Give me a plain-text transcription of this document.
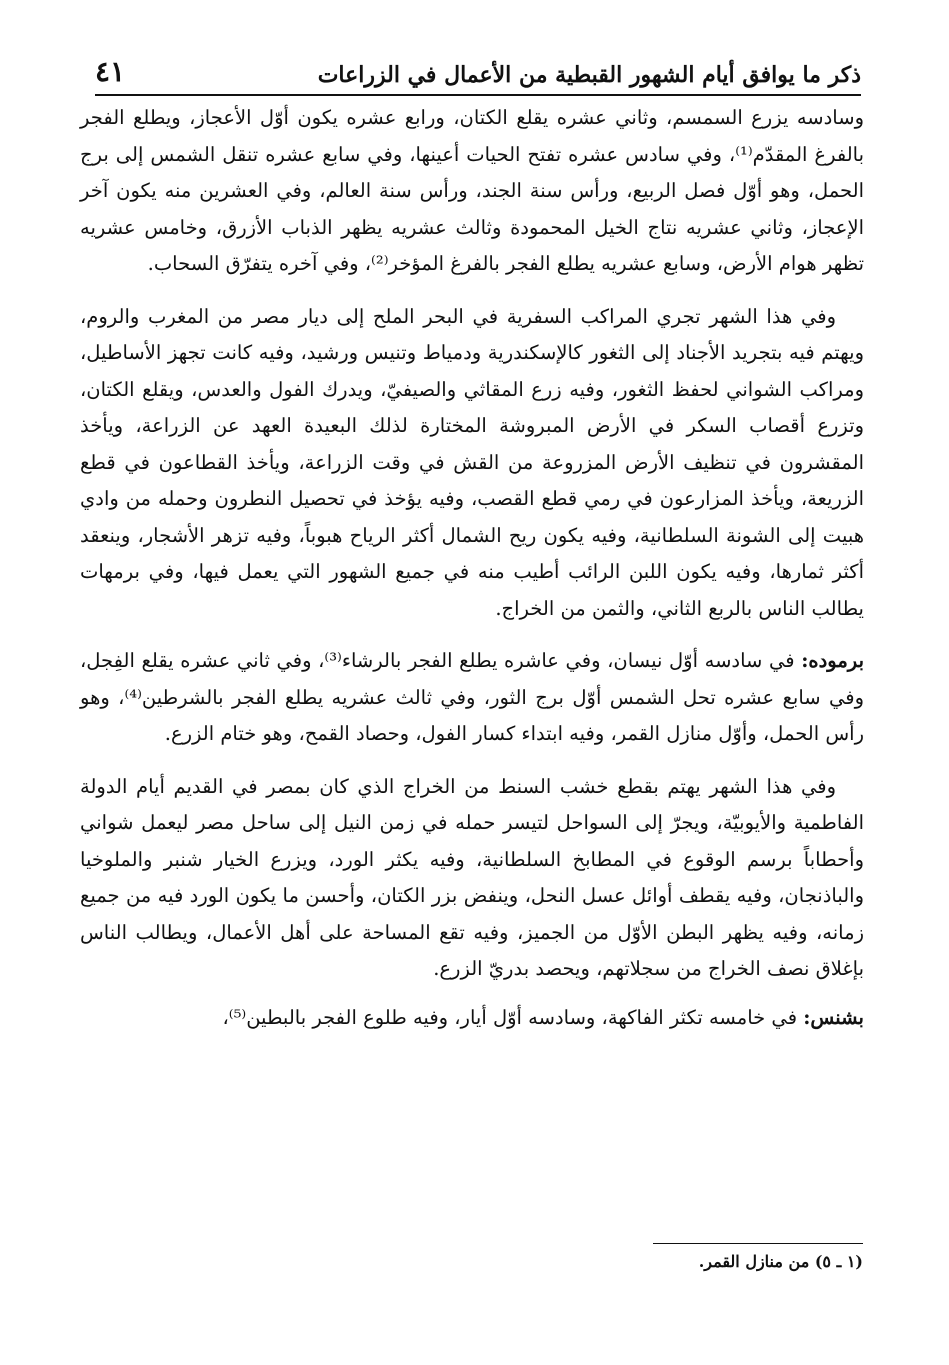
ذكر ما يوافق أيام الشهور القبطية من الأعمال في الزراعات
٤١

وسادسه يزرع السمسم، وثاني عشره يقلع الكتان، ورابع عشره يكون أوّل الأعجاز، ويطلع الفجر بالفرغ المقدّم⁽¹⁾، وفي سادس عشره تفتح الحيات أعينها، وفي سابع عشره تنقل الشمس إلى برج الحمل، وهو أوّل فصل الربيع، ورأس سنة الجند، ورأس سنة العالم، وفي العشرين منه يكون آخر الإعجاز، وثاني عشريه نتاج الخيل المحمودة وثالث عشريه يظهر الذباب الأزرق، وخامس عشريه تظهر هوام الأرض، وسابع عشريه يطلع الفجر بالفرغ المؤخر⁽²⁾، وفي آخره يتفرّق السحاب.

وفي هذا الشهر تجري المراكب السفرية في البحر الملح إلى ديار مصر من المغرب والروم، ويهتم فيه بتجريد الأجناد إلى الثغور كالإسكندرية ودمياط وتنيس ورشيد، وفيه كانت تجهز الأساطيل، ومراكب الشواني لحفظ الثغور، وفيه زرع المقاثي والصيفيّ، ويدرك الفول والعدس، ويقلع الكتان، وتزرع أقصاب السكر في الأرض المبروشة المختارة لذلك البعيدة العهد عن الزراعة، ويأخذ المقشرون في تنظيف الأرض المزروعة من القش في وقت الزراعة، ويأخذ القطاعون في قطع الزريعة، ويأخذ المزارعون في رمي قطع القصب، وفيه يؤخذ في تحصيل النطرون وحمله من وادي هبيت إلى الشونة السلطانية، وفيه يكون ريح الشمال أكثر الرياح هبوباً، وفيه تزهر الأشجار، وينعقد أكثر ثمارها، وفيه يكون اللبن الرائب أطيب منه في جميع الشهور التي يعمل فيها، وفي برمهات يطالب الناس بالربع الثاني، والثمن من الخراج.

برموده: في سادسه أوّل نيسان، وفي عاشره يطلع الفجر بالرشاء⁽³⁾، وفي ثاني عشره يقلع الفِجل، وفي سابع عشره تحل الشمس أوّل برج الثور، وفي ثالث عشريه يطلع الفجر بالشرطين⁽⁴⁾، وهو رأس الحمل، وأوّل منازل القمر، وفيه ابتداء كسار الفول، وحصاد القمح، وهو ختام الزرع.

وفي هذا الشهر يهتم بقطع خشب السنط من الخراج الذي كان بمصر في القديم أيام الدولة الفاطمية والأيوبيّة، ويجرّ إلى السواحل لتيسر حمله في زمن النيل إلى ساحل مصر ليعمل شواني وأحطاباً برسم الوقوع في المطابخ السلطانية، وفيه يكثر الورد، ويزرع الخيار شنبر والملوخيا والباذنجان، وفيه يقطف أوائل عسل النحل، وينفض بزر الكتان، وأحسن ما يكون الورد فيه من جميع زمانه، وفيه يظهر البطن الأوّل من الجميز، وفيه تقع المساحة على أهل الأعمال، ويطالب الناس بإغلاق نصف الخراج من سجلاتهم، ويحصد بدريّ الزرع.

بشنس: في خامسه تكثر الفاكهة، وسادسه أوّل أيار، وفيه طلوع الفجر بالبطين⁽⁵⁾،

(١ ـ ٥) من منازل القمر.
